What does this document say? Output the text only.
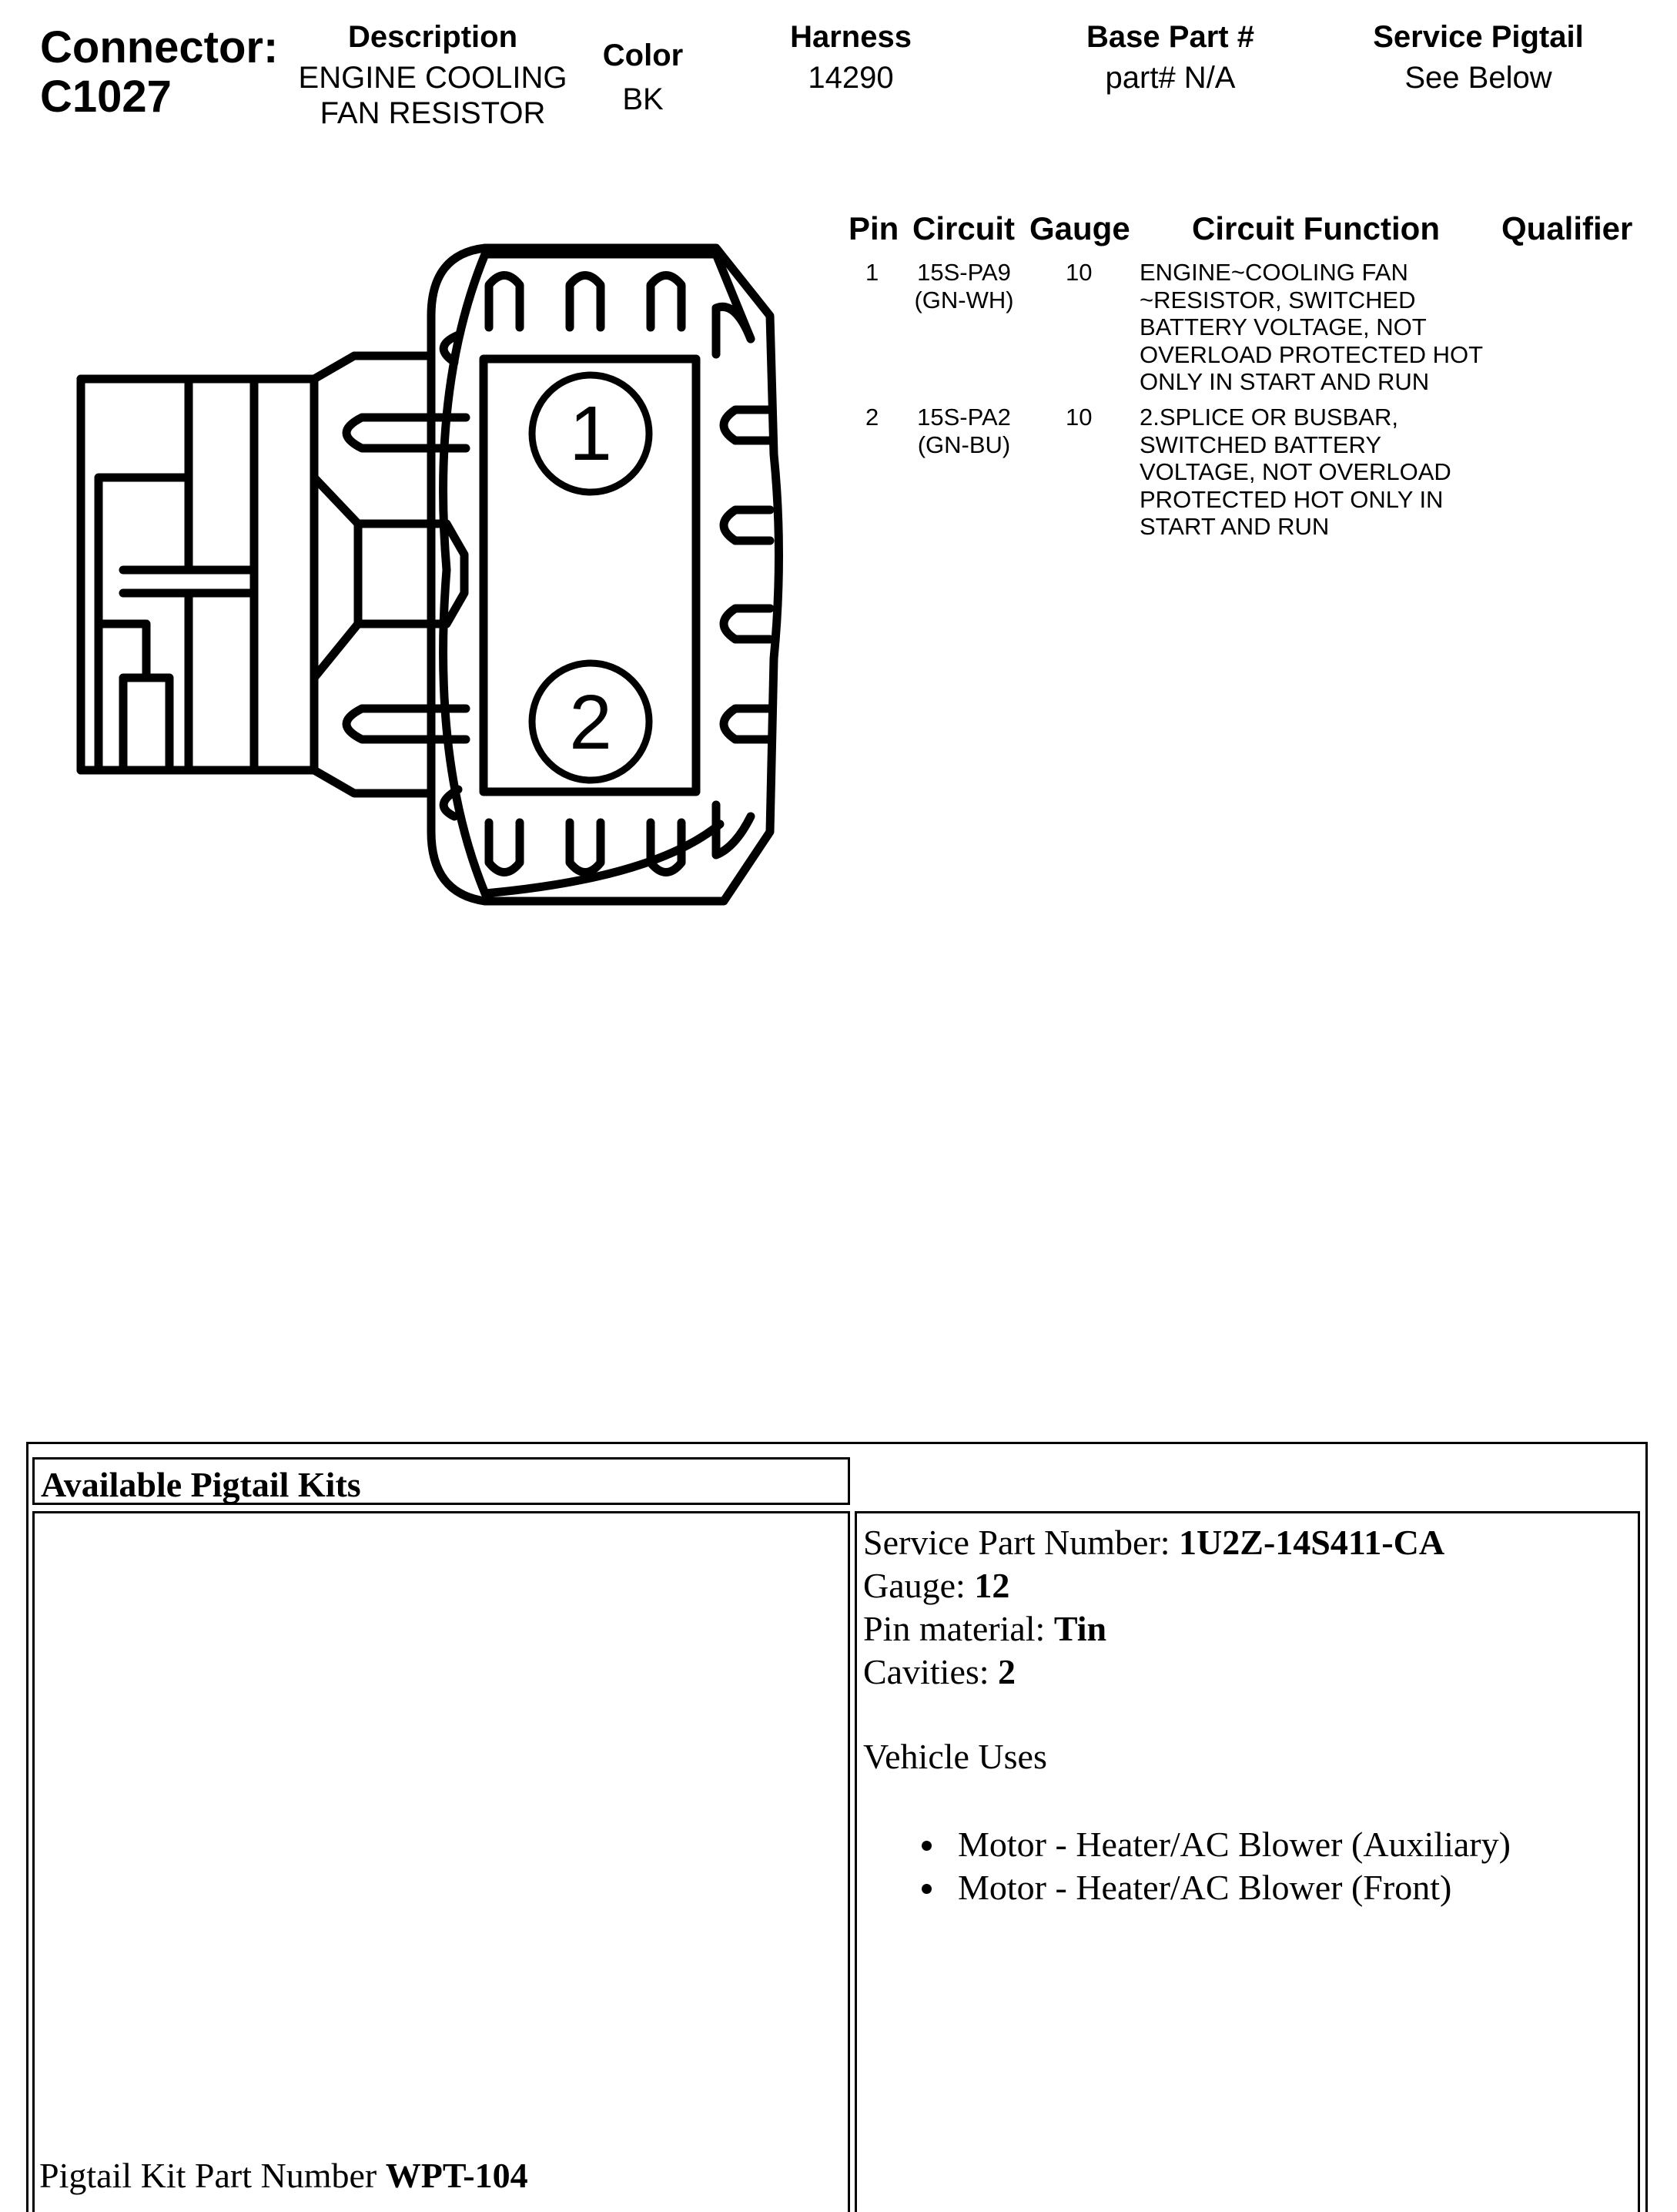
Connector:
C1027
Description
ENGINE COOLING
FAN RESISTOR
Color
BK
Harness
14290
Base Part #
part# N/A
Service Pigtail
See Below
1
2
Pin Circuit Gauge Circuit Function Qualifier
1	15S-PA9
(GN-WH)
10 ENGINE~COOLING FAN
~RESISTOR, SWITCHED
BATTERY VOLTAGE, NOT
OVERLOAD PROTECTED HOT
ONLY IN START AND RUN
2	15S-PA2
(GN-BU)
10 2.SPLICE OR BUSBAR,
SWITCHED BATTERY
VOLTAGE, NOT OVERLOAD
PROTECTED HOT ONLY IN
START AND RUN
Available Pigtail Kits
Pigtail Kit Part Number WPT-104
Service Part Number: 1U2Z-14S411-CA
Gauge: 12
Pin material: Tin
Cavities: 2
Vehicle Uses
Motor - Heater/AC Blower (Auxiliary)
Motor - Heater/AC Blower (Front)
